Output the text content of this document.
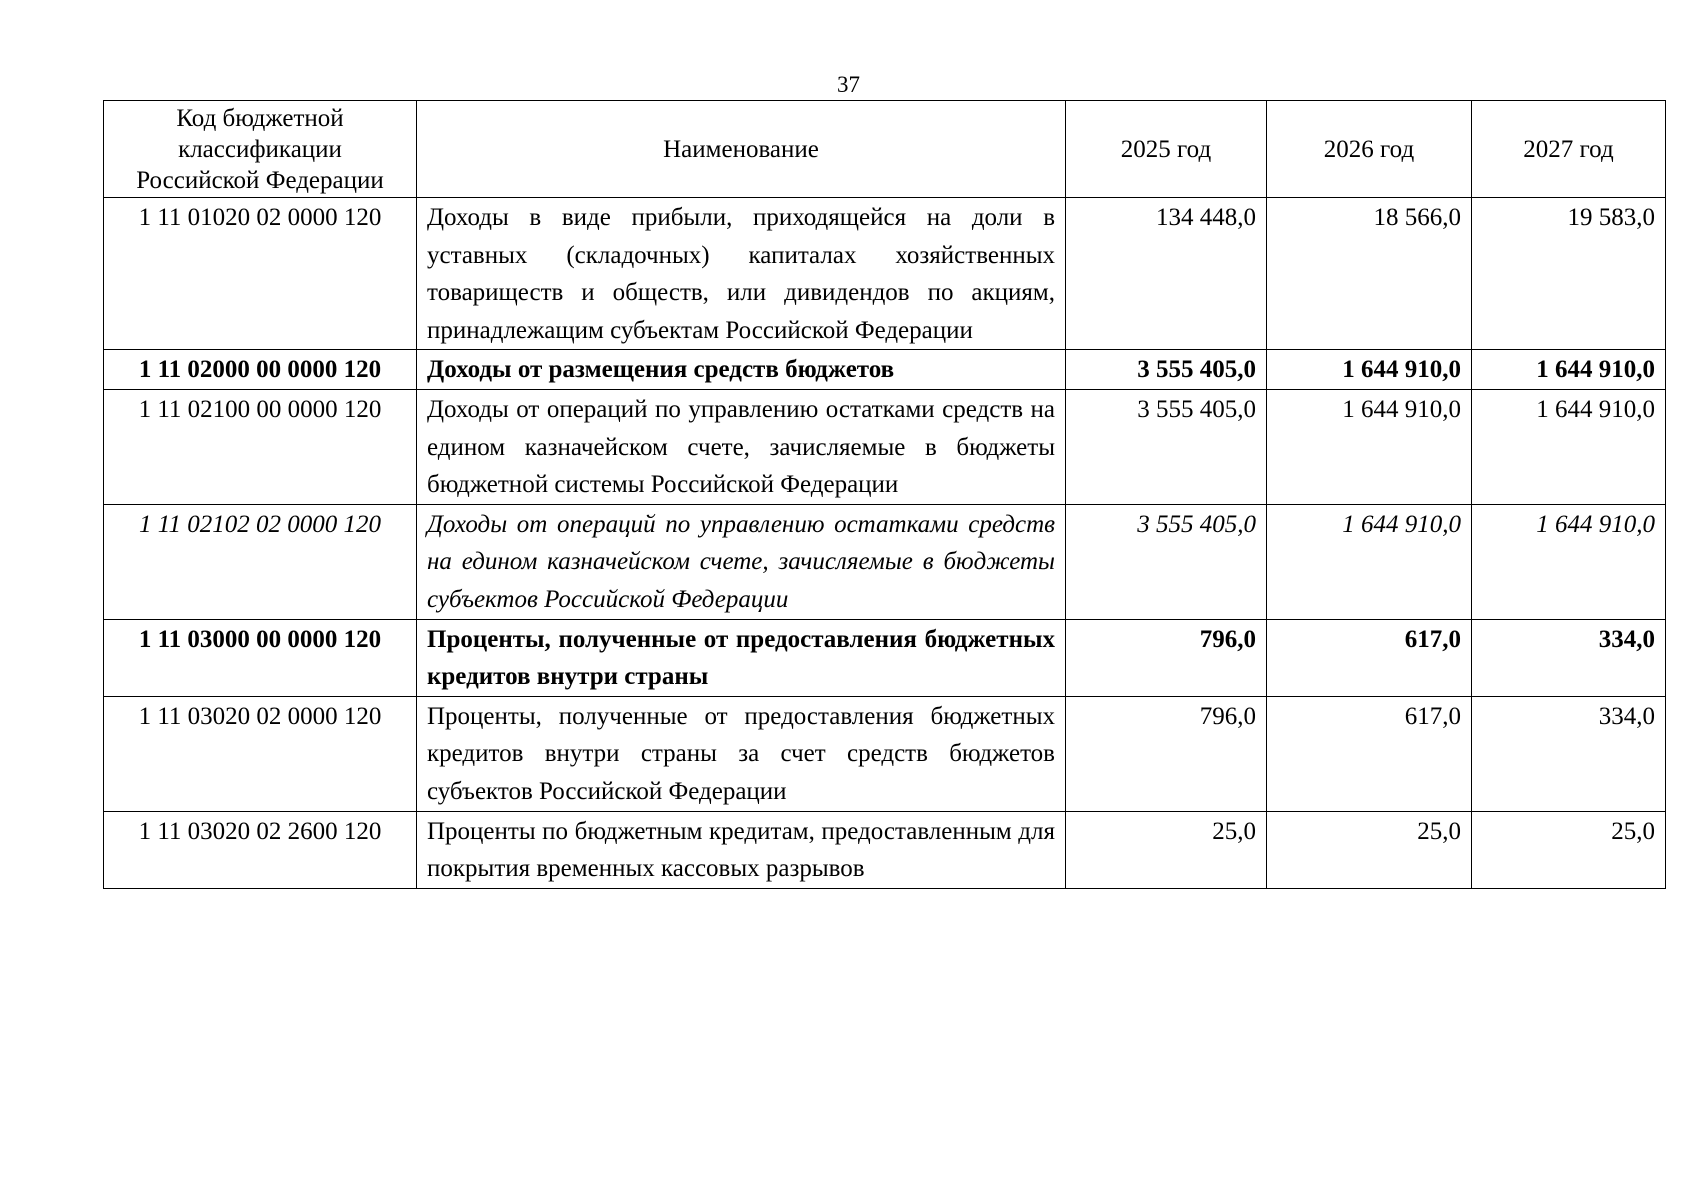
37
Код бюджетной классификации Российской Федерации	Наименование	2025 год	2026 год	2027 год
1 11 01020 02 0000 120	Доходы в виде прибыли, приходящейся на доли в уставных (складочных) капиталах хозяйственных товариществ и обществ, или дивидендов по акциям, принадлежащим субъектам Российской Федерации	134 448,0	18 566,0	19 583,0
1 11 02000 00 0000 120	Доходы от размещения средств бюджетов	3 555 405,0	1 644 910,0	1 644 910,0
1 11 02100 00 0000 120	Доходы от операций по управлению остатками средств на едином казначейском счете, зачисляемые в бюджеты бюджетной системы Российской Федерации	3 555 405,0	1 644 910,0	1 644 910,0
1 11 02102 02 0000 120	Доходы от операций по управлению остатками средств на едином казначейском счете, зачисляемые в бюджеты субъектов Российской Федерации	3 555 405,0	1 644 910,0	1 644 910,0
1 11 03000 00 0000 120	Проценты, полученные от предоставления бюджетных кредитов внутри страны	796,0	617,0	334,0
1 11 03020 02 0000 120	Проценты, полученные от предоставления бюджетных кредитов внутри страны за счет средств бюджетов субъектов Российской Федерации	796,0	617,0	334,0
1 11 03020 02 2600 120	Проценты по бюджетным кредитам, предоставленным для покрытия временных кассовых разрывов	25,0	25,0	25,0
